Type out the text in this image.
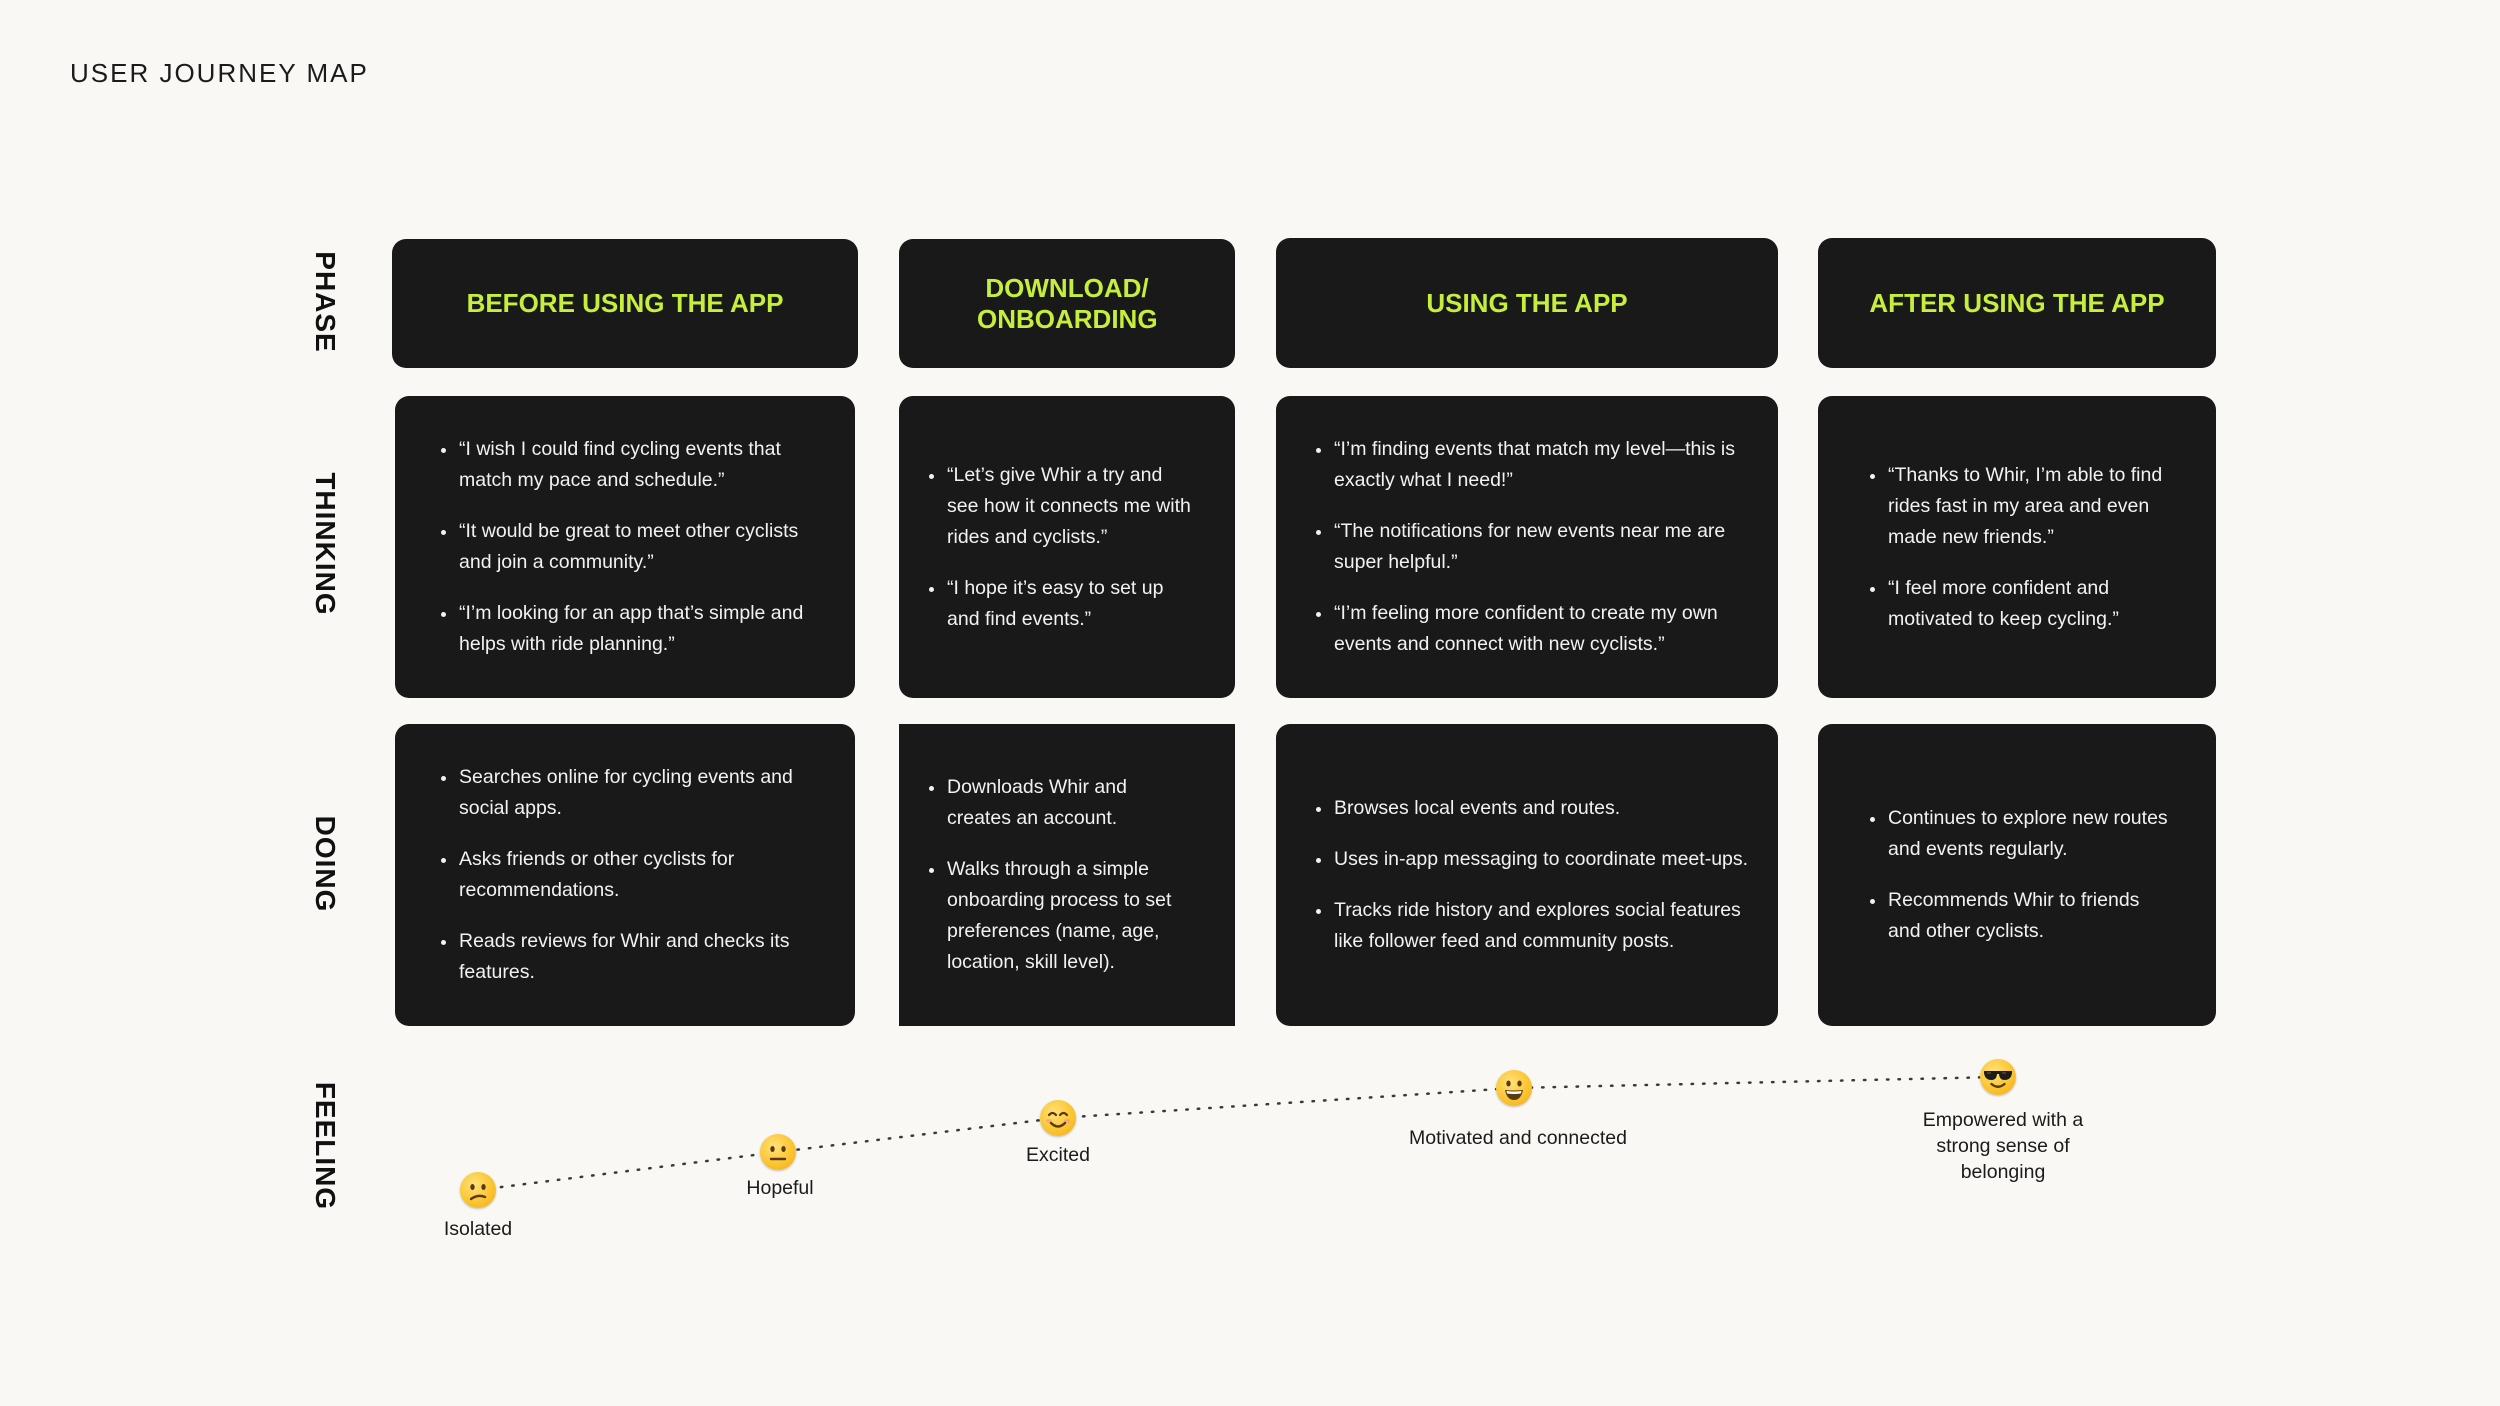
USER JOURNEY MAP
PHASE
THINKING
DOING
FEELING
BEFORE USING THE APP
DOWNLOAD/ ONBOARDING
USING THE APP	AFTER USING THE APP
“I wish I could find cycling events that match my pace and schedule.”
“It would be great to meet other cyclists and join a community.”
“I’m looking for an app that’s simple and helps with ride planning.”
“Let’s give Whir a try and see how it connects me with rides and cyclists.”
“I hope it’s easy to set up and find events.”
“I’m finding events that match my level—this is exactly what I need!”
“The notifications for new events near me are super helpful.”
“I’m feeling more confident to create my own events and connect with new cyclists.”
“Thanks to Whir, I’m able to find rides fast in my area and even made new friends.”
“I feel more confident and motivated to keep cycling.”
Searches online for cycling events and social apps.
Asks friends or other cyclists for recommendations.
Reads reviews for Whir and checks its features.
Downloads Whir and creates an account.
Walks through a simple onboarding process to set preferences (name, age, location, skill level).
Browses local events and routes.
Uses in-app messaging to coordinate meet-ups.
Tracks ride history and explores social features like follower feed and community posts.
Continues to explore new routes and events regularly.
Recommends Whir to friends and other cyclists.
Isolated
Hopeful
Excited
Motivated and connected
Empowered with a strong sense of belonging
